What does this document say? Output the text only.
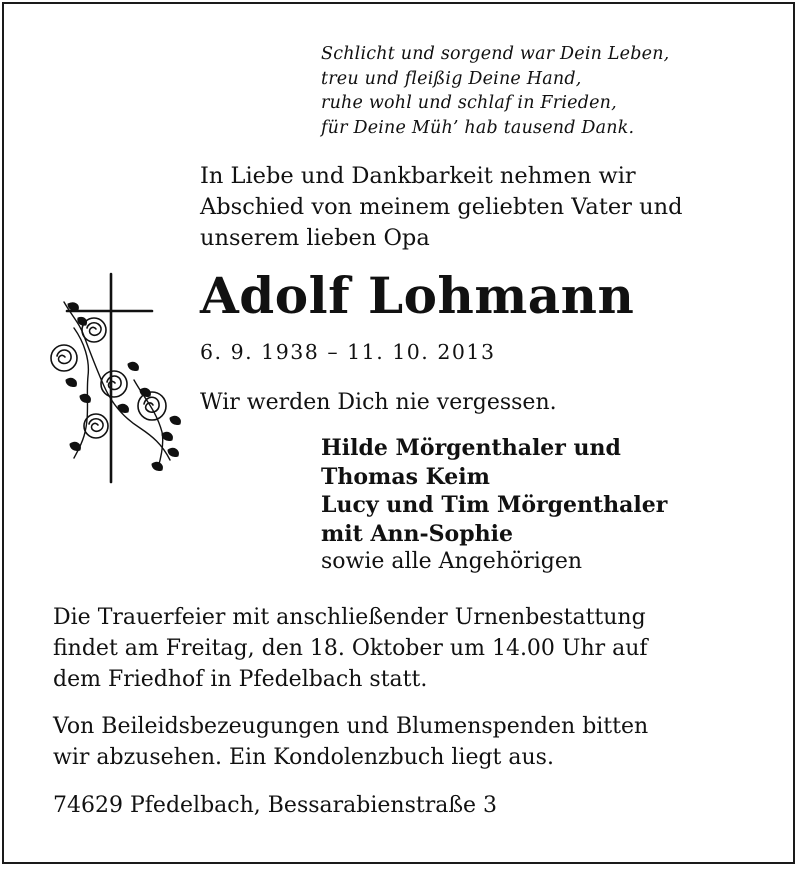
Schlicht und sorgend war Dein Leben,
treu und fleißig Deine Hand,
ruhe wohl und schlaf in Frieden,
für Deine Müh’ hab tausend Dank.
In Liebe und Dankbarkeit nehmen wir
Abschied von meinem geliebten Vater und
unserem lieben Opa
Adolf Lohmann
6. 9. 1938 – 11. 10. 2013
Wir werden Dich nie vergessen.
Hilde Mörgenthaler und
Thomas Keim
Lucy und Tim Mörgenthaler
mit Ann-Sophie
sowie alle Angehörigen
Die Trauerfeier mit anschließender Urnenbestattung
findet am Freitag, den 18. Oktober um 14.00 Uhr auf
dem Friedhof in Pfedelbach statt.
Von Beileidsbezeugungen und Blumenspenden bitten
wir abzusehen. Ein Kondolenzbuch liegt aus.
74629 Pfedelbach, Bessarabienstraße 3
